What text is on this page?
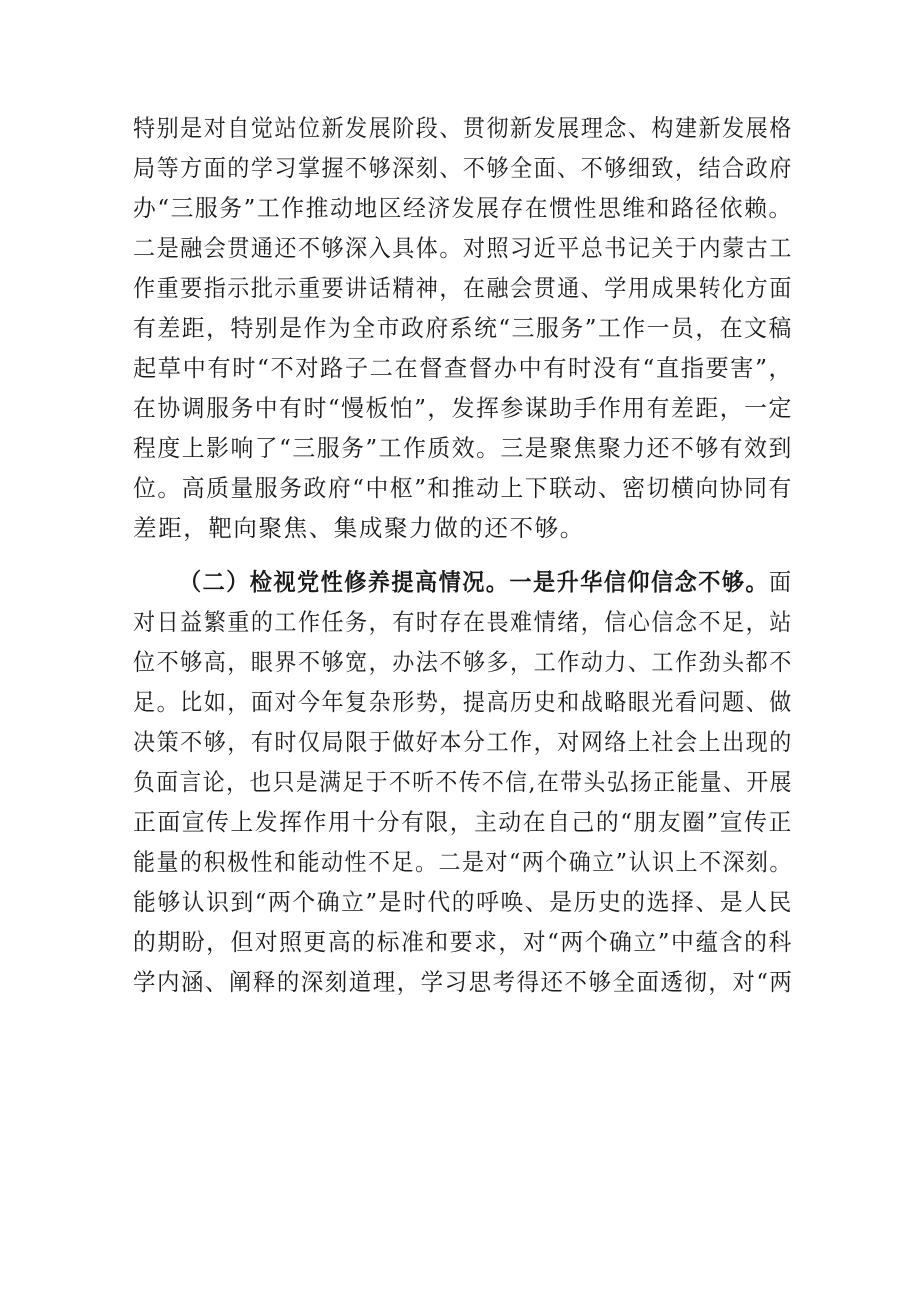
特别是对自觉站位新发展阶段、贯彻新发展理念、构建新发展格
局等方面的学习掌握不够深刻、不够全面、不够细致，结合政府
办“三服务”工作推动地区经济发展存在惯性思维和路径依赖。
二是融会贯通还不够深入具体。对照习近平总书记关于内蒙古工
作重要指示批示重要讲话精神，在融会贯通、学用成果转化方面
有差距，特别是作为全市政府系统“三服务”工作一员，在文稿
起草中有时“不对路子二在督查督办中有时没有“直指要害”，
在协调服务中有时“慢板怕”，发挥参谋助手作用有差距，一定
程度上影响了“三服务”工作质效。三是聚焦聚力还不够有效到
位。高质量服务政府“中枢”和推动上下联动、密切横向协同有
差距，靶向聚焦、集成聚力做的还不够。
（二）检视党性修养提高情况。一是升华信仰信念不够。面
对日益繁重的工作任务，有时存在畏难情绪，信心信念不足，站
位不够高，眼界不够宽，办法不够多，工作动力、工作劲头都不
足。比如，面对今年复杂形势，提高历史和战略眼光看问题、做
决策不够，有时仅局限于做好本分工作，对网络上社会上出现的
负面言论，也只是满足于不听不传不信,在带头弘扬正能量、开展
正面宣传上发挥作用十分有限，主动在自己的“朋友圈”宣传正
能量的积极性和能动性不足。二是对“两个确立”认识上不深刻。
能够认识到“两个确立”是时代的呼唤、是历史的选择、是人民
的期盼，但对照更高的标准和要求，对“两个确立”中蕴含的科
学内涵、阐释的深刻道理，学习思考得还不够全面透彻，对“两
